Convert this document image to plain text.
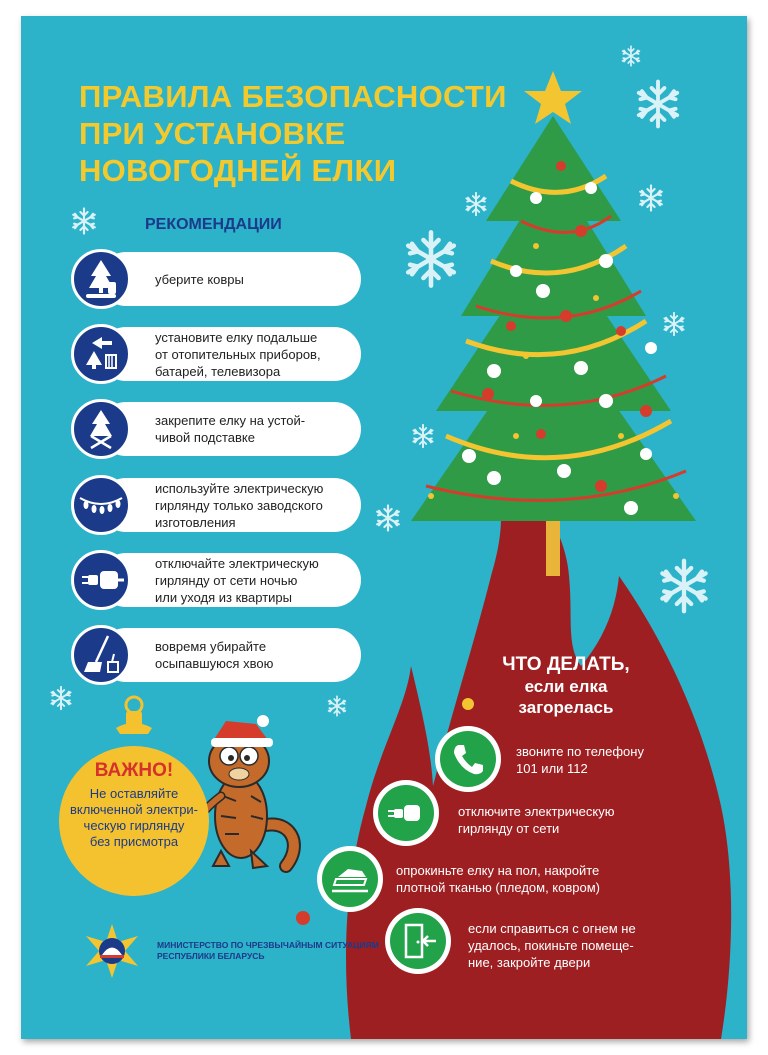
ПРАВИЛА БЕЗОПАСНОСТИ
ПРИ УСТАНОВКЕ
НОВОГОДНЕЙ ЕЛКИ
РЕКОМЕНДАЦИИ
уберите ковры
установите елку подальше
от отопительных приборов,
батарей, телевизора
закрепите елку на устой-
чивой подставке
используйте электрическую
гирлянду только заводского
изготовления
отключайте электрическую
гирлянду от сети ночью
или уходя из квартиры
вовремя убирайте
осыпавшуюся хвою
ВАЖНО!
Не оставляйте
включенной электри-
ческую гирлянду
без присмотра
ЧТО ДЕЛАТЬ,
если елка
загорелась
звоните по телефону
101 или 112
отключите электрическую
гирлянду от сети
опрокиньте елку на пол, накройте
плотной тканью (пледом, ковром)
если справиться с огнем не
удалось, покиньте помеще-
ние, закройте двери
МИНИСТЕРСТВО ПО ЧРЕЗВЫЧАЙНЫМ СИТУАЦИЯМ
РЕСПУБЛИКИ БЕЛАРУСЬ
